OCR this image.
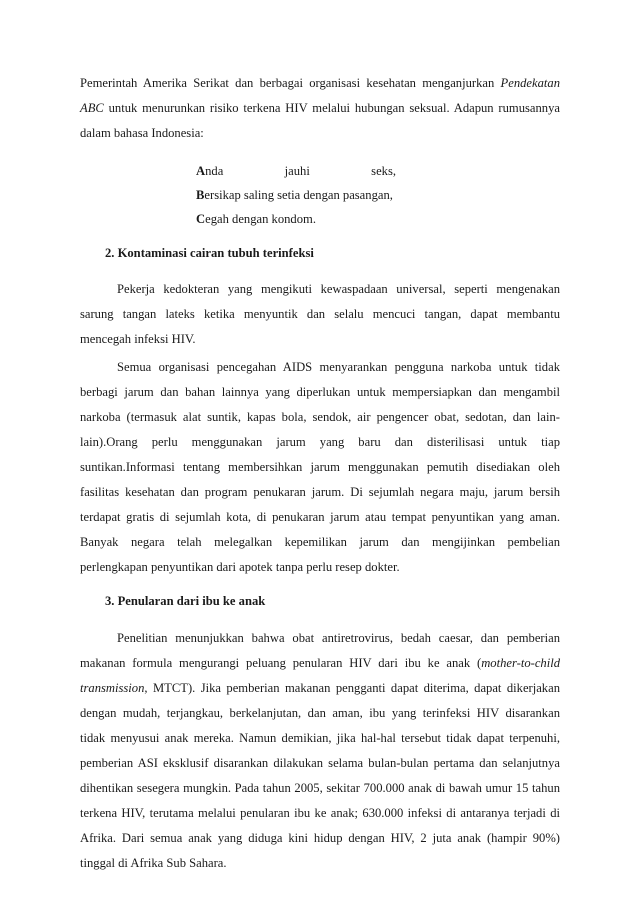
Pemerintah Amerika Serikat dan berbagai organisasi kesehatan menganjurkan Pendekatan
ABC untuk menurunkan risiko terkena HIV melalui hubungan seksual. Adapun rumusannya
dalam bahasa Indonesia:
Anda jauhi seks,
Bersikap saling setia dengan pasangan,
Cegah dengan kondom.
2. Kontaminasi cairan tubuh terinfeksi
Pekerja kedokteran yang mengikuti kewaspadaan universal, seperti mengenakan
sarung tangan lateks ketika menyuntik dan selalu mencuci tangan, dapat membantu
mencegah infeksi HIV.
Semua organisasi pencegahan AIDS menyarankan pengguna narkoba untuk tidak
berbagi jarum dan bahan lainnya yang diperlukan untuk mempersiapkan dan mengambil
narkoba (termasuk alat suntik, kapas bola, sendok, air pengencer obat, sedotan, dan lain-
lain).Orang perlu menggunakan jarum yang baru dan disterilisasi untuk tiap
suntikan.Informasi tentang membersihkan jarum menggunakan pemutih disediakan oleh
fasilitas kesehatan dan program penukaran jarum. Di sejumlah negara maju, jarum bersih
terdapat gratis di sejumlah kota, di penukaran jarum atau tempat penyuntikan yang aman.
Banyak negara telah melegalkan kepemilikan jarum dan mengijinkan pembelian
perlengkapan penyuntikan dari apotek tanpa perlu resep dokter.
3. Penularan dari ibu ke anak
Penelitian menunjukkan bahwa obat antiretrovirus, bedah caesar, dan pemberian
makanan formula mengurangi peluang penularan HIV dari ibu ke anak (mother-to-child
transmission, MTCT). Jika pemberian makanan pengganti dapat diterima, dapat dikerjakan
dengan mudah, terjangkau, berkelanjutan, dan aman, ibu yang terinfeksi HIV disarankan
tidak menyusui anak mereka. Namun demikian, jika hal-hal tersebut tidak dapat terpenuhi,
pemberian ASI eksklusif disarankan dilakukan selama bulan-bulan pertama dan selanjutnya
dihentikan sesegera mungkin. Pada tahun 2005, sekitar 700.000 anak di bawah umur 15 tahun
terkena HIV, terutama melalui penularan ibu ke anak; 630.000 infeksi di antaranya terjadi di
Afrika. Dari semua anak yang diduga kini hidup dengan HIV, 2 juta anak (hampir 90%)
tinggal di Afrika Sub Sahara.
